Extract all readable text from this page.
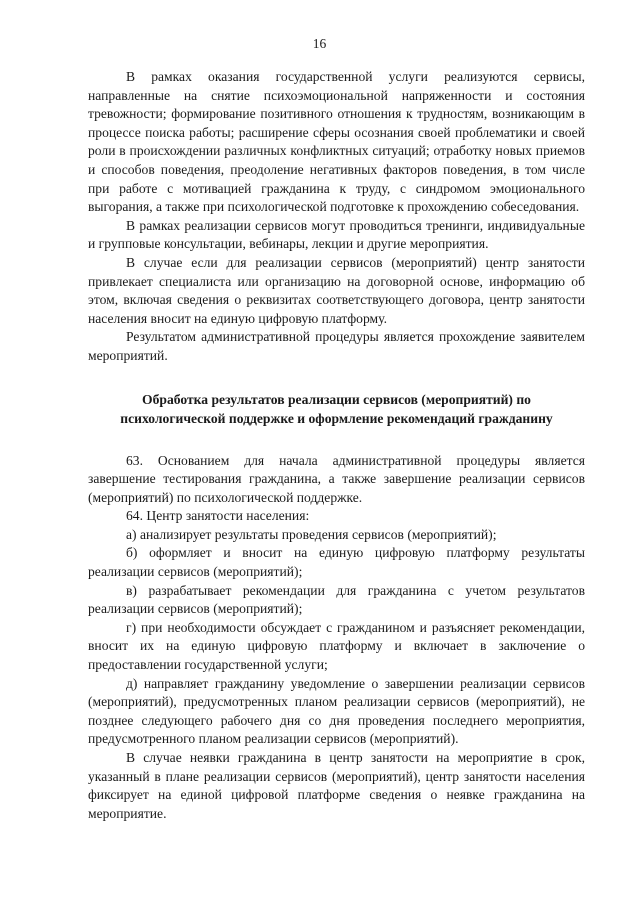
16

В рамках оказания государственной услуги реализуются сервисы, направленные на снятие психоэмоциональной напряженности и состояния тревожности; формирование позитивного отношения к трудностям, возникающим в процессе поиска работы; расширение сферы осознания своей проблематики и своей роли в происхождении различных конфликтных ситуаций; отработку новых приемов и способов поведения, преодоление негативных факторов поведения, в том числе при работе с мотивацией гражданина к труду, с синдромом эмоционального выгорания, а также при психологической подготовке к прохождению собеседования.

В рамках реализации сервисов могут проводиться тренинги, индивидуальные и групповые консультации, вебинары, лекции и другие мероприятия.

В случае если для реализации сервисов (мероприятий) центр занятости привлекает специалиста или организацию на договорной основе, информацию об этом, включая сведения о реквизитах соответствующего договора, центр занятости населения вносит на единую цифровую платформу.

Результатом административной процедуры является прохождение заявителем мероприятий.

Обработка результатов реализации сервисов (мероприятий) по психологической поддержке и оформление рекомендаций гражданину

63. Основанием для начала административной процедуры является завершение тестирования гражданина, а также завершение реализации сервисов (мероприятий) по психологической поддержке.

64. Центр занятости населения:

а) анализирует результаты проведения сервисов (мероприятий);

б) оформляет и вносит на единую цифровую платформу результаты реализации сервисов (мероприятий);

в) разрабатывает рекомендации для гражданина с учетом результатов реализации сервисов (мероприятий);

г) при необходимости обсуждает с гражданином и разъясняет рекомендации, вносит их на единую цифровую платформу и включает в заключение о предоставлении государственной услуги;

д) направляет гражданину уведомление о завершении реализации сервисов (мероприятий), предусмотренных планом реализации сервисов (мероприятий), не позднее следующего рабочего дня со дня проведения последнего мероприятия, предусмотренного планом реализации сервисов (мероприятий).

В случае неявки гражданина в центр занятости на мероприятие в срок, указанный в плане реализации сервисов (мероприятий), центр занятости населения фиксирует на единой цифровой платформе сведения о неявке гражданина на мероприятие.
